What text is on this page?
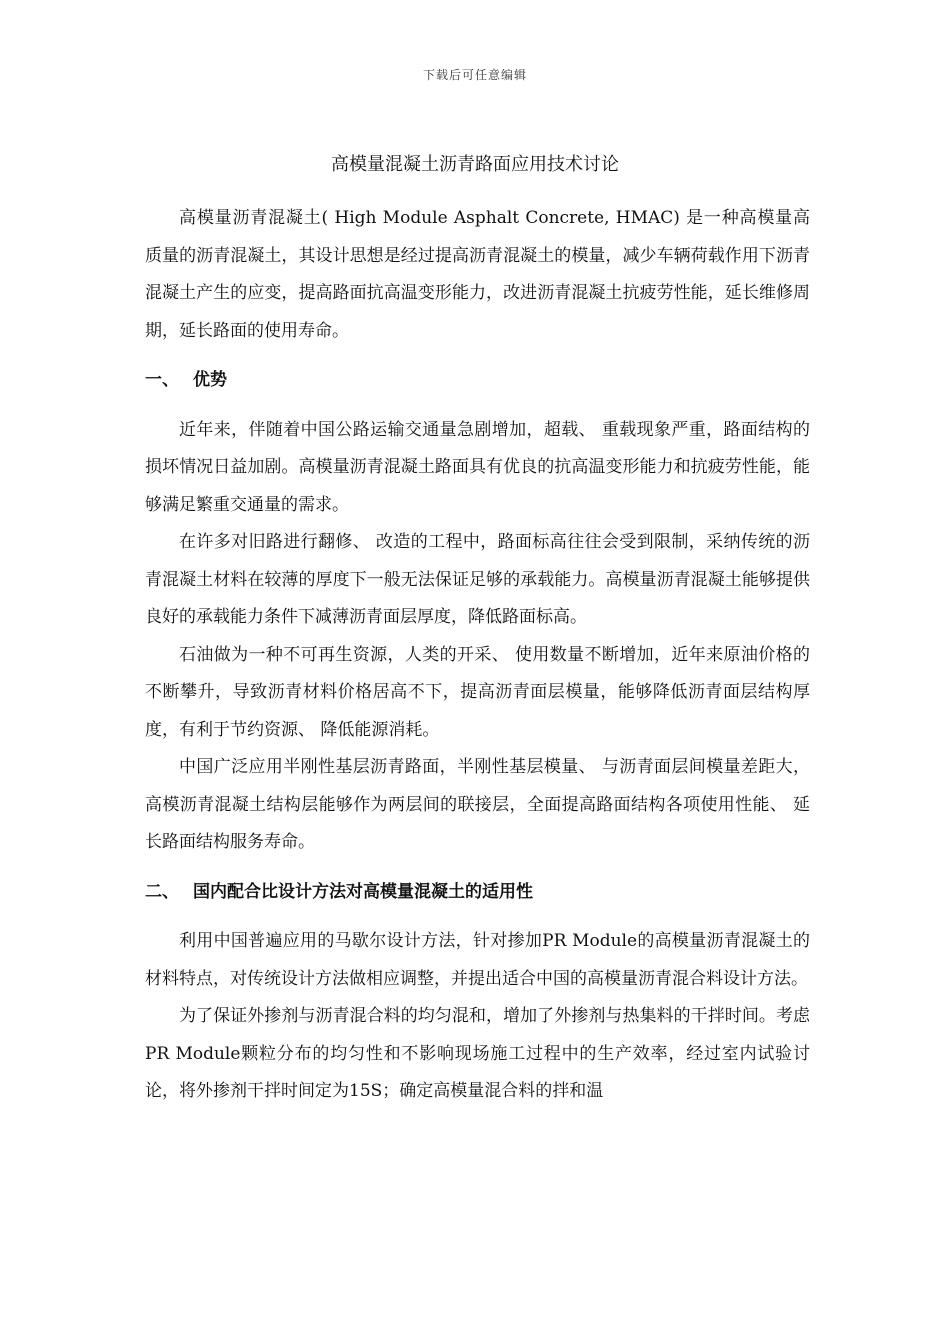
下载后可任意编辑
高模量混凝土沥青路面应用技术讨论

高模量沥青混凝土( High Module Asphalt Concrete, HMAC) 是一种高模量高质量的沥青混凝土，其设计思想是经过提高沥青混凝土的模量，减少车辆荷载作用下沥青混凝土产生的应变，提高路面抗高温变形能力，改进沥青混凝土抗疲劳性能，延长维修周期，延长路面的使用寿命。

一、 优势

近年来，伴随着中国公路运输交通量急剧增加，超载、 重载现象严重，路面结构的损坏情况日益加剧。高模量沥青混凝土路面具有优良的抗高温变形能力和抗疲劳性能，能够满足繁重交通量的需求。

在许多对旧路进行翻修、 改造的工程中，路面标高往往会受到限制，采纳传统的沥青混凝土材料在较薄的厚度下一般无法保证足够的承载能力。高模量沥青混凝土能够提供良好的承载能力条件下减薄沥青面层厚度，降低路面标高。

石油做为一种不可再生资源，人类的开采、 使用数量不断增加，近年来原油价格的不断攀升，导致沥青材料价格居高不下，提高沥青面层模量，能够降低沥青面层结构厚度，有利于节约资源、 降低能源消耗。

中国广泛应用半刚性基层沥青路面，半刚性基层模量、 与沥青面层间模量差距大，高模沥青混凝土结构层能够作为两层间的联接层，全面提高路面结构各项使用性能、 延长路面结构服务寿命。

二、 国内配合比设计方法对高模量混凝土的适用性

利用中国普遍应用的马歇尔设计方法，针对掺加PR Module的高模量沥青混凝土的材料特点，对传统设计方法做相应调整，并提出适合中国的高模量沥青混合料设计方法。

为了保证外掺剂与沥青混合料的均匀混和，增加了外掺剂与热集料的干拌时间。考虑PR Module颗粒分布的均匀性和不影响现场施工过程中的生产效率，经过室内试验讨论，将外掺剂干拌时间定为15S；确定高模量混合料的拌和温
